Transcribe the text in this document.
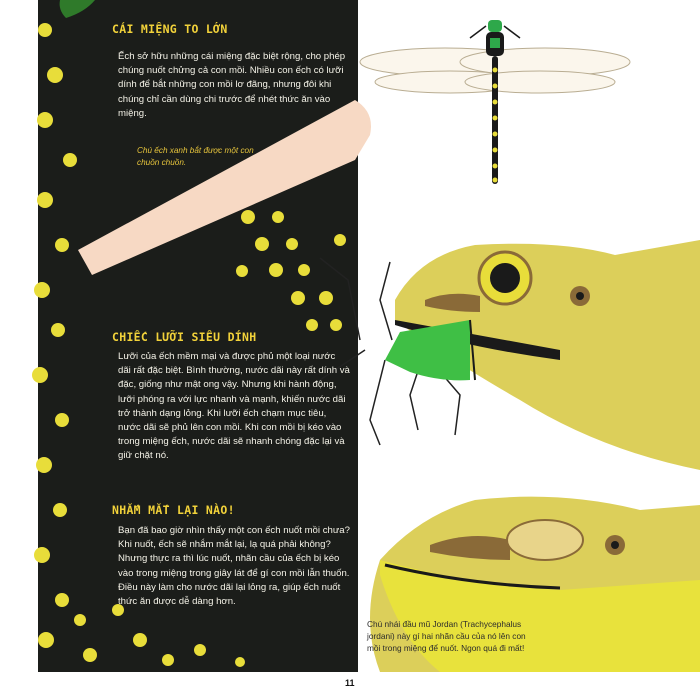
CÁI MIỆNG TO LỚN
Ếch sở hữu những cái miệng đặc biệt rộng, cho phép chúng nuốt chửng cả con mồi. Nhiều con ếch có lưỡi dính để bắt những con mồi lơ đãng, nhưng đôi khi chúng chỉ cần dùng chi trước để nhét thức ăn vào miệng.
Chú ếch xanh bắt được một con chuồn chuồn.
CHIẾC LƯỠI SIÊU DÍNH
Lưỡi của ếch mềm mại và được phủ một loại nước dãi rất đặc biệt. Bình thường, nước dãi này rất dính và đặc, giống như mật ong vậy. Nhưng khi hành động, lưỡi phóng ra với lực nhanh và mạnh, khiến nước dãi trở thành dạng lỏng. Khi lưỡi ếch chạm mục tiêu, nước dãi sẽ phủ lên con mồi. Khi con mồi bị kéo vào trong miệng ếch, nước dãi sẽ nhanh chóng đặc lại và giữ chặt nó.
NHẮM MẮT LẠI NÀO!
Bạn đã bao giờ nhìn thấy một con ếch nuốt mồi chưa? Khi nuốt, ếch sẽ nhắm mắt lại, lạ quá phải không? Nhưng thực ra thì lúc nuốt, nhãn cầu của ếch bị kéo vào trong miệng trong giây lát để gí con mồi lẫn thuốn. Điều này làm cho nước dãi lại lỏng ra, giúp ếch nuốt thức ăn được dễ dàng hơn.
Chú nhái đầu mũ Jordan (Trachycephalus jordani) này gí hai nhãn cầu của nó lên con mồi trong miệng để nuốt. Ngon quá đi mất!
11
